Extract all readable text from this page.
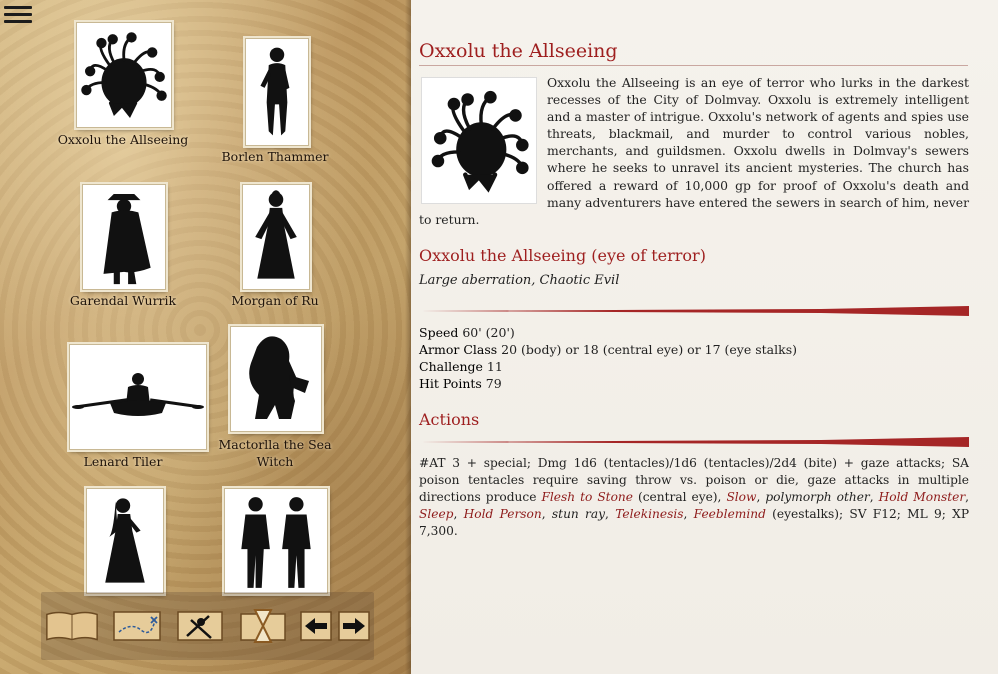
Oxxolu the Allseeing
Borlen Thammer
Garendal Wurrik	Morgan of Ru
Lenard Tiler
Mactorlla the Sea Witch
Oxxolu the Allseeing

Oxxolu the Allseeing is an eye of terror who lurks in the darkest recesses of the City of Dolmvay. Oxxolu is extremely intelligent and a master of intrigue. Oxxolu's network of agents and spies use threats, blackmail, and murder to control various nobles, merchants, and guildsmen. Oxxolu dwells in Dolmvay's sewers where he seeks to unravel its ancient mysteries. The church has offered a reward of 10,000 gp for proof of Oxxolu's death and many adventurers have entered the sewers in search of him, never to return.

Oxxolu the Allseeing (eye of terror)
Large aberration, Chaotic Evil
Speed 60' (20')
Armor Class 20 (body) or 18 (central eye) or 17 (eye stalks)
Challenge 11
Hit Points 79
Actions

#AT 3 + special; Dmg 1d6 (tentacles)/1d6 (tentacles)/2d4 (bite) + gaze attacks; SA poison tentacles require saving throw vs. poison or die, gaze attacks in multiple directions produce Flesh to Stone (central eye), Slow, polymorph other, Hold Monster, Sleep, Hold Person, stun ray, Telekinesis, Feeblemind (eyestalks); SV F12; ML 9; XP 7,300.
